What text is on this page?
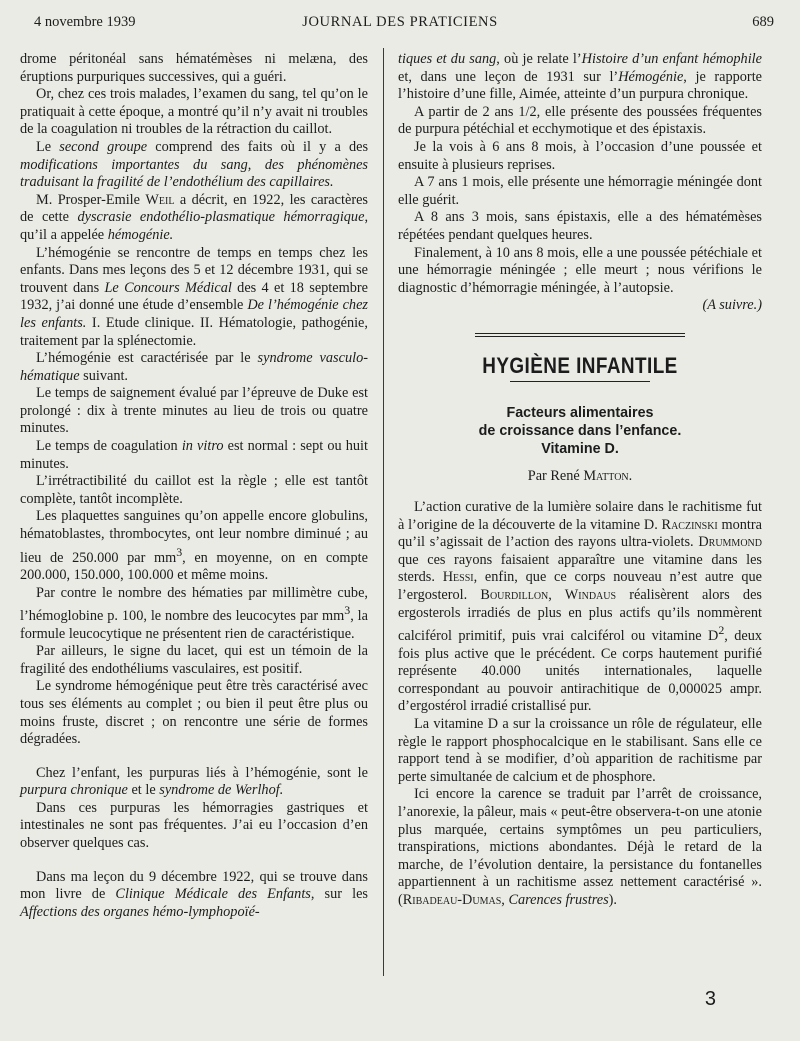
4 novembre 1939	JOURNAL DES PRATICIENS	689

drome péritonéal sans hématémèses ni melæna, des éruptions purpuriques successives, qui a guéri.

Or, chez ces trois malades, l’examen du sang, tel qu’on le pratiquait à cette époque, a montré qu’il n’y avait ni troubles de la coagulation ni troubles de la rétraction du caillot.

Le second groupe comprend des faits où il y a des modifications importantes du sang, des phénomènes traduisant la fragilité de l’endothélium des capillaires.

M. Prosper-Emile Weil a décrit, en 1922, les caractères de cette dyscrasie endothélio-plasmatique hémorragique, qu’il a appelée hémogénie.

L’hémogénie se rencontre de temps en temps chez les enfants. Dans mes leçons des 5 et 12 décembre 1931, qui se trouvent dans Le Concours Médical des 4 et 18 septembre 1932, j’ai donné une étude d’ensemble De l’hémogénie chez les enfants. I. Etude clinique. II. Hématologie, pathogénie, traitement par la splénectomie.

L’hémogénie est caractérisée par le syndrome vasculo-hématique suivant.

Le temps de saignement évalué par l’épreuve de Duke est prolongé : dix à trente minutes au lieu de trois ou quatre minutes.

Le temps de coagulation in vitro est normal : sept ou huit minutes.

L’irrétractibilité du caillot est la règle ; elle est tantôt complète, tantôt incomplète.

Les plaquettes sanguines qu’on appelle encore globulins, hématoblastes, thrombocytes, ont leur nombre diminué ; au lieu de 250.000 par $mm^3$, en moyenne, on en compte 200.000, 150.000, 100.000 et même moins.

Par contre le nombre des hématies par millimètre cube, l’hémoglobine p. 100, le nombre des leucocytes par $mm^3$, la formule leucocytique ne présentent rien de caractéristique.

Par ailleurs, le signe du lacet, qui est un témoin de la fragilité des endothéliums vasculaires, est positif.

Le syndrome hémogénique peut être très caractérisé avec tous ses éléments au complet ; ou bien il peut être plus ou moins fruste, discret ; on rencontre une série de formes dégradées.

Chez l’enfant, les purpuras liés à l’hémogénie, sont le purpura chronique et le syndrome de Werlhof.

Dans ces purpuras les hémorragies gastriques et intestinales ne sont pas fréquentes. J’ai eu l’occasion d’en observer quelques cas.

Dans ma leçon du 9 décembre 1922, qui se trouve dans mon livre de Clinique Médicale des Enfants, sur les Affections des organes hémo-lymphopoïé-

tiques et du sang, où je relate l’Histoire d’un enfant hémophile et, dans une leçon de 1931 sur l’Hémogénie, je rapporte l’histoire d’une fille, Aimée, atteinte d’un purpura chronique.

A partir de 2 ans 1/2, elle présente des poussées fréquentes de purpura pétéchial et ecchymotique et des épistaxis.

Je la vois à 6 ans 8 mois, à l’occasion d’une poussée et ensuite à plusieurs reprises.

A 7 ans 1 mois, elle présente une hémorragie méningée dont elle guérit.

A 8 ans 3 mois, sans épistaxis, elle a des hématémèses répétées pendant quelques heures.

Finalement, à 10 ans 8 mois, elle a une poussée pétéchiale et une hémorragie méningée ; elle meurt ; nous vérifions le diagnostic d’hémorragie méningée, à l’autopsie.

(A suivre.)

HYGIÈNE INFANTILE
Facteurs alimentaires
de croissance dans l’enfance.
Vitamine D.
Par René Matton.

L’action curative de la lumière solaire dans le rachitisme fut à l’origine de la découverte de la vitamine D. Raczinski montra qu’il s’agissait de l’action des rayons ultra-violets. Drummond que ces rayons faisaient apparaître une vitamine dans les sterds. Hessi, enfin, que ce corps nouveau n’est autre que l’ergosterol. Bourdillon, Windaus réalisèrent alors des ergosterols irradiés de plus en plus actifs qu’ils nommèrent calciférol primitif, puis vrai calciférol ou vitamine $D^2$, deux fois plus active que le précédent. Ce corps hautement purifié représente 40.000 unités internationales, laquelle correspondant au pouvoir antirachitique de 0,000025 ampr. d’ergostérol irradié cristallisé pur.

La vitamine D a sur la croissance un rôle de régulateur, elle règle le rapport phosphocalcique en le stabilisant. Sans elle ce rapport tend à se modifier, d’où apparition de rachitisme par perte simultanée de calcium et de phosphore.

Ici encore la carence se traduit par l’arrêt de croissance, l’anorexie, la pâleur, mais « peut-être observera-t-on une atonie plus marquée, certains symptômes un peu particuliers, transpirations, mictions abondantes. Déjà le retard de la marche, de l’évolution dentaire, la persistance du fontanelles appartiennent à un rachitisme assez nettement caractérisé ». (Ribadeau-Dumas, Carences frustres).

3
